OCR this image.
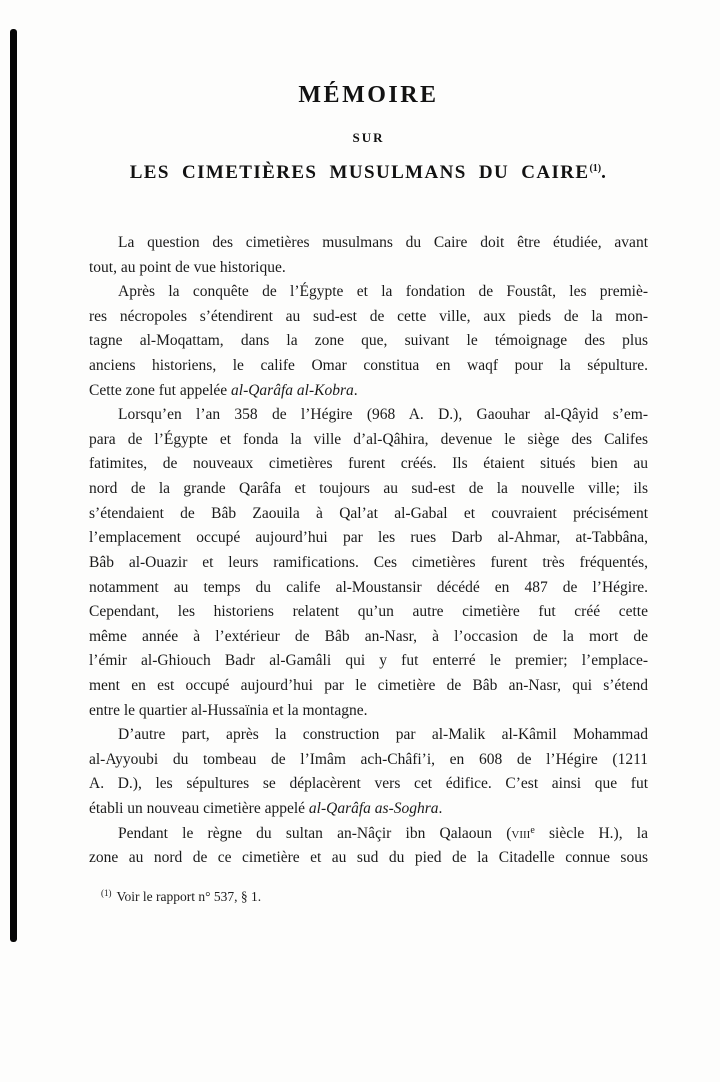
MÉMOIRE
SUR
LES CIMETIÈRES MUSULMANS DU CAIRE$^{(1)}$.
La question des cimetières musulmans du Caire doit être étudiée, avant
tout, au point de vue historique.
Après la conquête de l’Égypte et la fondation de Foustât, les premiè-
res nécropoles s’étendirent au sud-est de cette ville, aux pieds de la mon-
tagne al-Moqattam, dans la zone que, suivant le témoignage des plus
anciens historiens, le calife Omar constitua en waqf pour la sépulture.
Cette zone fut appelée al-Qarâfa al-Kobra.
Lorsqu’en l’an 358 de l’Hégire (968 A. D.), Gaouhar al-Qâyid s’em-
para de l’Égypte et fonda la ville d’al-Qâhira, devenue le siège des Califes
fatimites, de nouveaux cimetières furent créés. Ils étaient situés bien au
nord de la grande Qarâfa et toujours au sud-est de la nouvelle ville; ils
s’étendaient de Bâb Zaouila à Qal’at al-Gabal et couvraient précisément
l’emplacement occupé aujourd’hui par les rues Darb al-Ahmar, at-Tabbâna,
Bâb al-Ouazir et leurs ramifications. Ces cimetières furent très fréquentés,
notamment au temps du calife al-Moustansir décédé en 487 de l’Hégire.
Cependant, les historiens relatent qu’un autre cimetière fut créé cette
même année à l’extérieur de Bâb an-Nasr, à l’occasion de la mort de
l’émir al-Ghiouch Badr al-Gamâli qui y fut enterré le premier; l’emplace-
ment en est occupé aujourd’hui par le cimetière de Bâb an-Nasr, qui s’étend
entre le quartier al-Hussaïnia et la montagne.
D’autre part, après la construction par al-Malik al-Kâmil Mohammad
al-Ayyoubi du tombeau de l’Imâm ach-Châfi’i, en 608 de l’Hégire (1211
A. D.), les sépultures se déplacèrent vers cet édifice. C’est ainsi que fut
établi un nouveau cimetière appelé al-Qarâfa as-Soghra.
Pendant le règne du sultan an-Nâçir ibn Qalaoun (viii$^e$ siècle H.), la
zone au nord de ce cimetière et au sud du pied de la Citadelle connue sous
$^{(1)}$ Voir le rapport n° 537, § 1.
